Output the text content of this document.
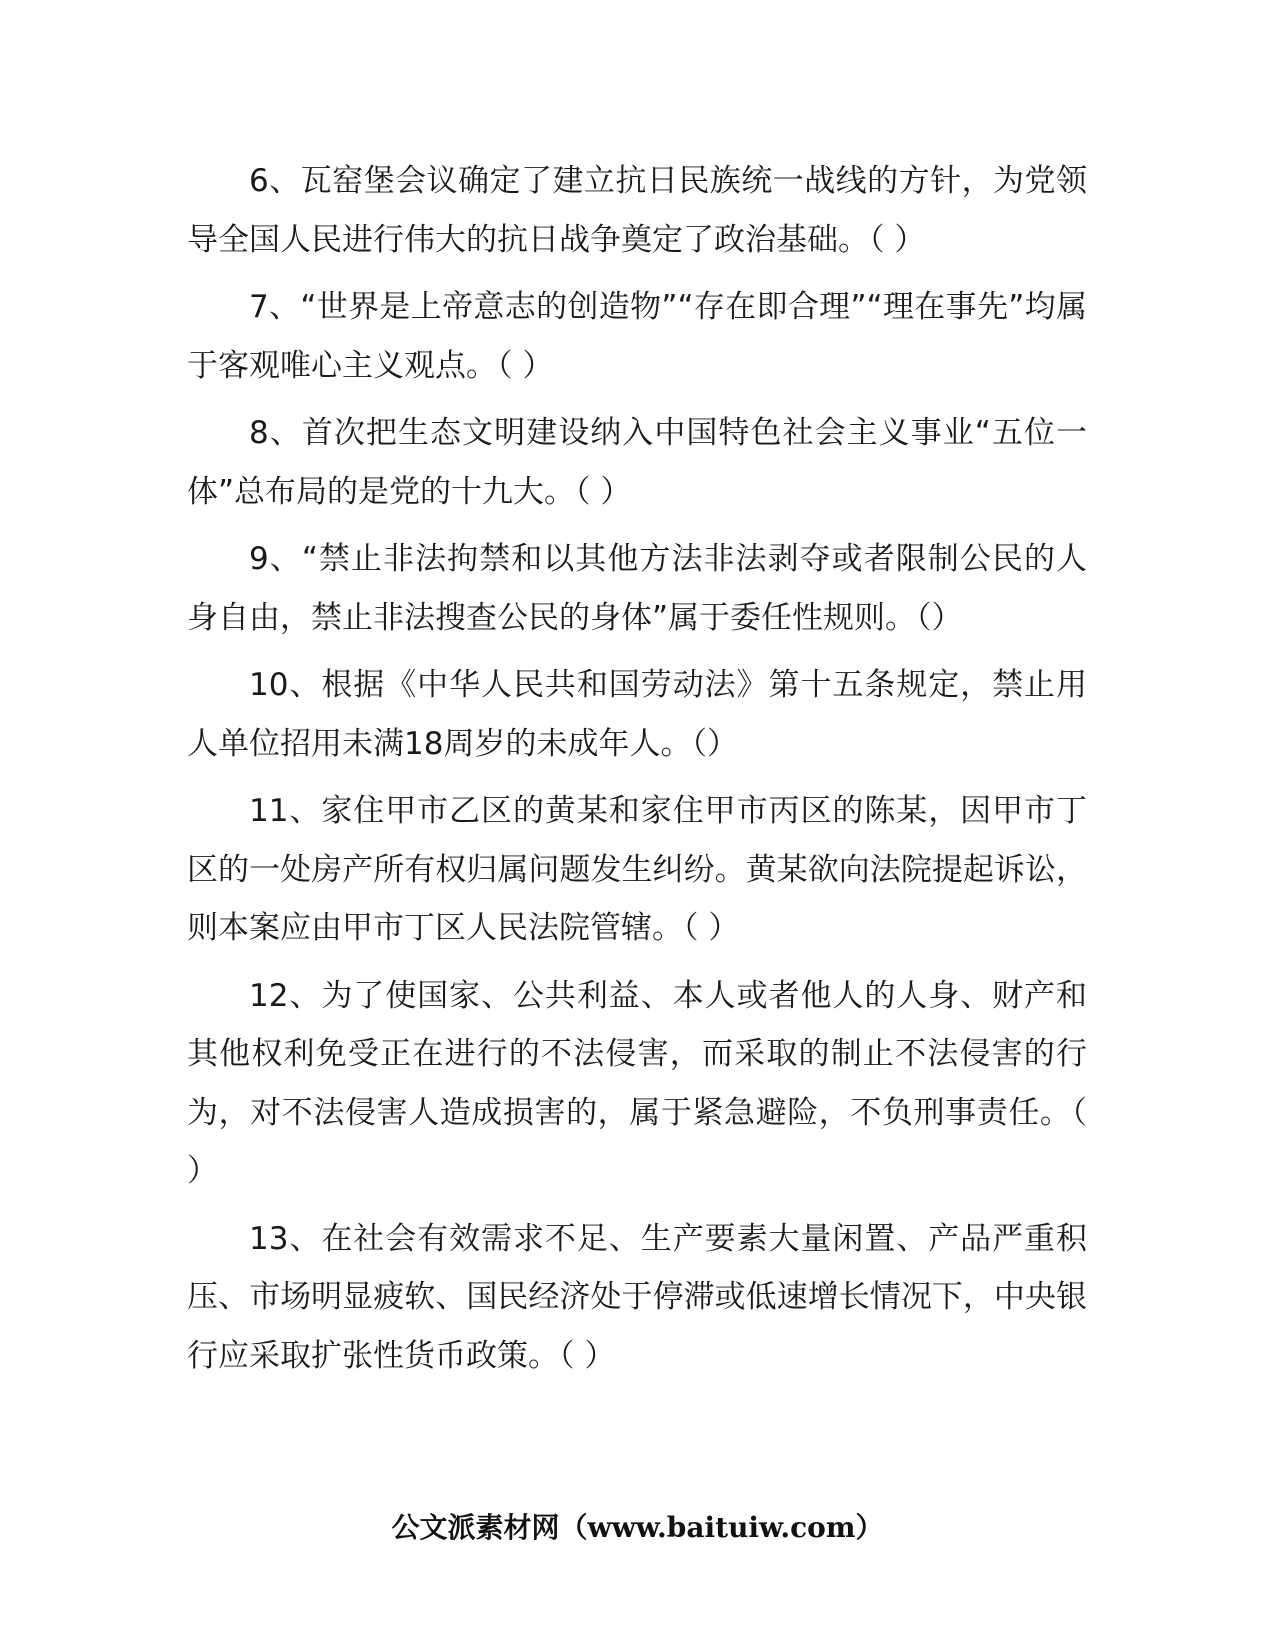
6、瓦窑堡会议确定了建立抗日民族统一战线的方针，为党领导全国人民进行伟大的抗日战争奠定了政治基础。（ ）

7、“世界是上帝意志的创造物”“存在即合理”“理在事先”均属于客观唯心主义观点。（ ）

8、首次把生态文明建设纳入中国特色社会主义事业“五位一体”总布局的是党的十九大。（ ）

9、“禁止非法拘禁和以其他方法非法剥夺或者限制公民的人身自由，禁止非法搜查公民的身体”属于委任性规则。（）

10、根据《中华人民共和国劳动法》第十五条规定，禁止用人单位招用未满18周岁的未成年人。（）

11、家住甲市乙区的黄某和家住甲市丙区的陈某，因甲市丁区的一处房产所有权归属问题发生纠纷。黄某欲向法院提起诉讼，则本案应由甲市丁区人民法院管辖。（ ）

12、为了使国家、公共利益、本人或者他人的人身、财产和其他权利免受正在进行的不法侵害，而采取的制止不法侵害的行为，对不法侵害人造成损害的，属于紧急避险，不负刑事责任。（ ）

13、在社会有效需求不足、生产要素大量闲置、产品严重积压、市场明显疲软、国民经济处于停滞或低速增长情况下，中央银行应采取扩张性货币政策。（ ）

公文派素材网（www.baituiw.com）
